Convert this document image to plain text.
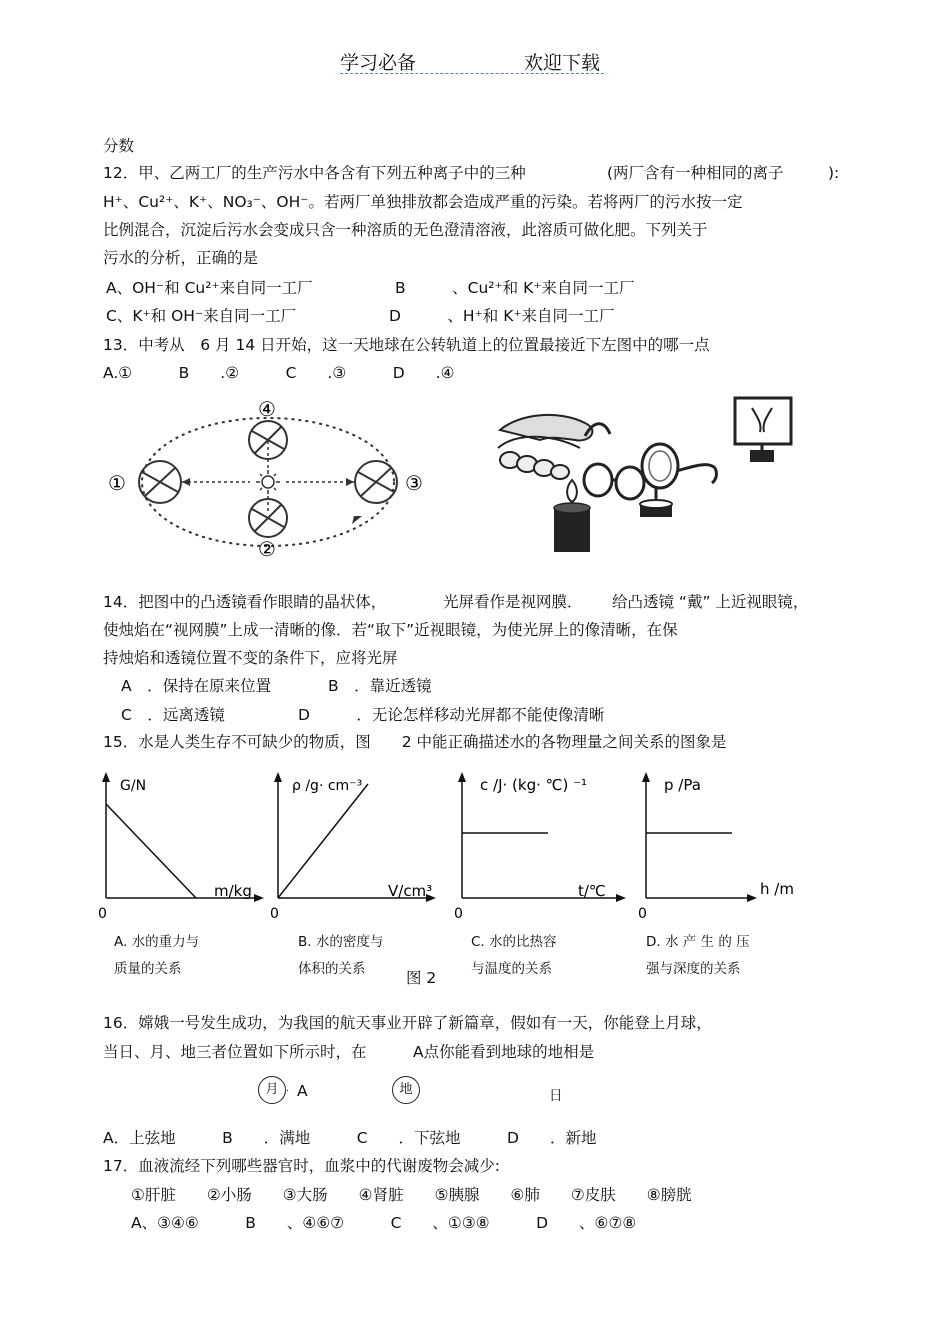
学习必备	欢迎下载
分数
12．甲、乙两工厂的生产污水中各含有下列五种离子中的三种	(两厂含有一种相同的离子	):
H⁺、Cu²⁺、K⁺、NO₃⁻、OH⁻。若两厂单独排放都会造成严重的污染。若将两厂的污水按一定
比例混合，沉淀后污水会变成只含一种溶质的无色澄清溶液，此溶质可做化肥。下列关于
污水的分析，正确的是
A、OH⁻和 Cu²⁺来自同一工厂	B　　　、Cu²⁺和 K⁺来自同一工厂
C、K⁺和 OH⁻来自同一工厂	D　　　、H⁺和 K⁺来自同一工厂
13．中考从　6 月 14 日开始，这一天地球在公转轨道上的位置最接近下左图中的哪一点
A.①　　　B　　.②　　　C　　.③　　　D　　.④
①	③
④
②
14．把图中的凸透镜看作眼睛的晶状体，	光屏看作是视网膜． 给凸透镜 “戴” 上近视眼镜，
使烛焰在“视网膜”上成一清晰的像．若“取下”近视眼镜，为使光屏上的像清晰，在保
持烛焰和透镜位置不变的条件下，应将光屏
A　．保持在原来位置	B　．靠近透镜
C　．远离透镜	D　　　．无论怎样移动光屏都不能使像清晰
15．水是人类生存不可缺少的物质，图　　2 中能正确描述水的各物理量之间关系的图象是
G/N
m/kg
0
A. 水的重力与
质量的关系
ρ /g· cm⁻³
V/cm³
0
B. 水的密度与
体积的关系	图 2
c /J· (kg· ℃) ⁻¹
t/℃
0
C. 水的比热容
与温度的关系
p /Pa
h /m
0
D. 水 产 生 的 压
强与深度的关系
16．嫦娥一号发生成功，为我国的航天事业开辟了新篇章，假如有一天，你能登上月球，
当日、月、地三者位置如下所示时，在　　　A点你能看到地球的地相是
月 · A	地	日
A．上弦地　　　B　　．满地　　　C　　．下弦地　　　D　　．新地
17．血液流经下列哪些器官时，血浆中的代谢废物会减少:
①肝脏　　②小肠　　③大肠　　④肾脏　　⑤胰腺　　⑥肺　　⑦皮肤　　⑧膀胱
A、③④⑥　　　B　　、④⑥⑦　　　C　　、①③⑧　　　D　　、⑥⑦⑧
